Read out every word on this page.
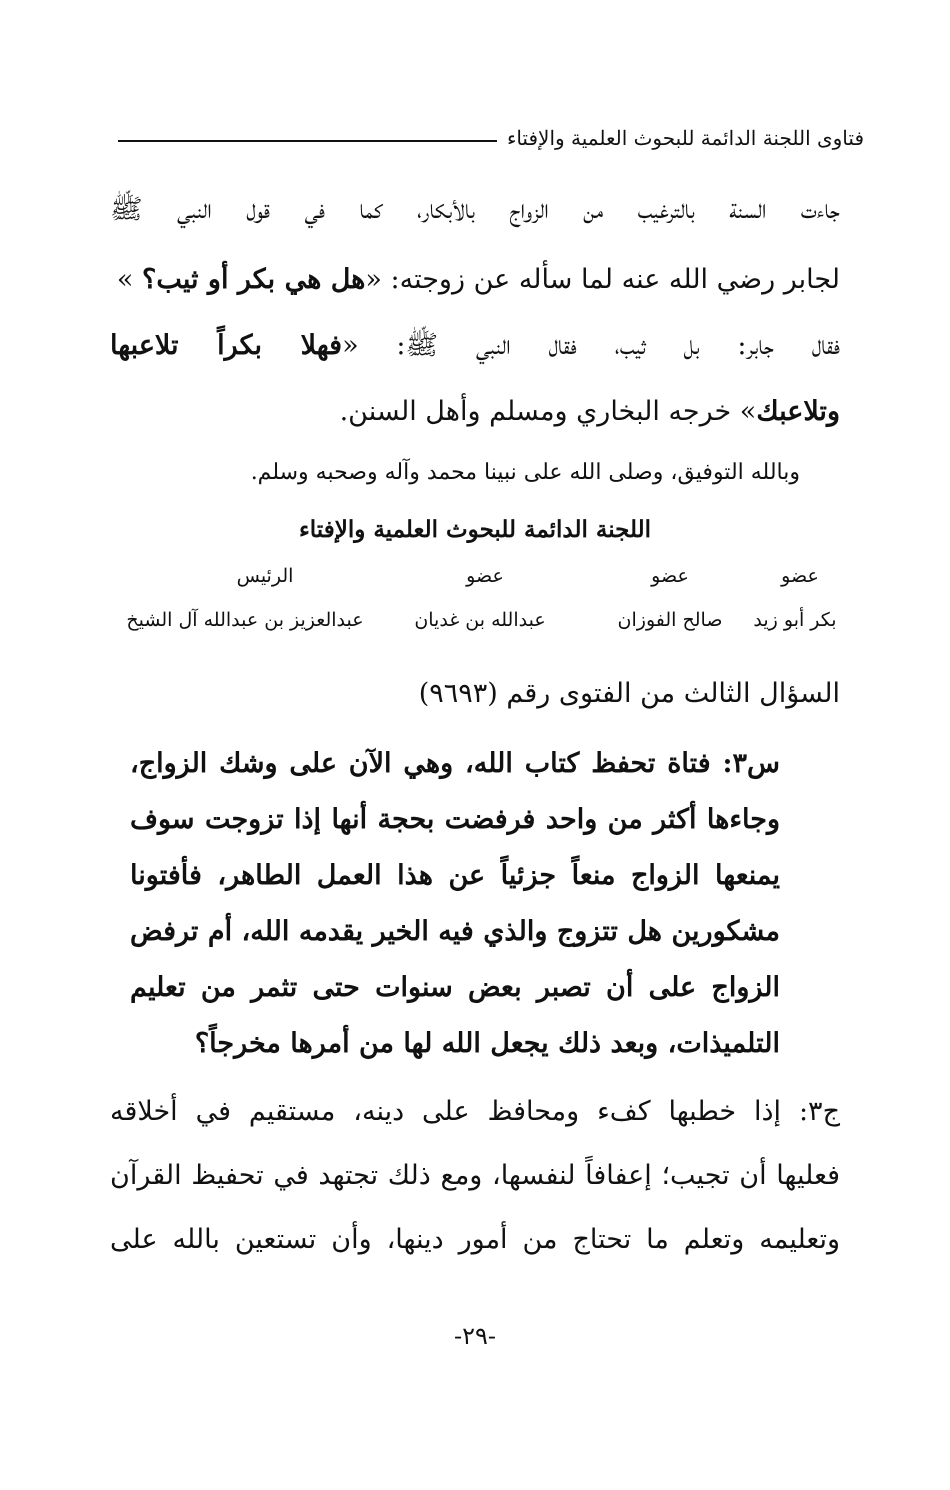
فتاوى اللجنة الدائمة للبحوث العلمية والإفتاء
جاءت السنة بالترغيب من الزواج بالأبكار، كما في قول النبي ﷺ
لجابر رضي الله عنه لما سأله عن زوجته: «هل هي بكر أو ثيب؟ »
فقال جابر: بل ثيب، فقال النبي ﷺ: «فهلا بكراً تلاعبها
وتلاعبك» خرجه البخاري ومسلم وأهل السنن.
وبالله التوفيق، وصلى الله على نبينا محمد وآله وصحبه وسلم.
اللجنة الدائمة للبحوث العلمية والإفتاء
عضو
عضو
عضو
الرئيس
بكر أبو زيد
صالح الفوزان
عبدالله بن غديان
عبدالعزيز بن عبدالله آل الشيخ
السؤال الثالث من الفتوى رقم (٩٦٩٣)
س٣: فتاة تحفظ كتاب الله، وهي الآن على وشك الزواج،
وجاءها أكثر من واحد فرفضت بحجة أنها إذا تزوجت سوف
يمنعها الزواج منعاً جزئياً عن هذا العمل الطاهر، فأفتونا
مشكورين هل تتزوج والذي فيه الخير يقدمه الله، أم ترفض
الزواج على أن تصبر بعض سنوات حتى تثمر من تعليم
التلميذات، وبعد ذلك يجعل الله لها من أمرها مخرجاً؟
ج٣: إذا خطبها كفء ومحافظ على دينه، مستقيم في أخلاقه
فعليها أن تجيب؛ إعفافاً لنفسها، ومع ذلك تجتهد في تحفيظ القرآن
وتعليمه وتعلم ما تحتاج من أمور دينها، وأن تستعين بالله على
-٢٩-
